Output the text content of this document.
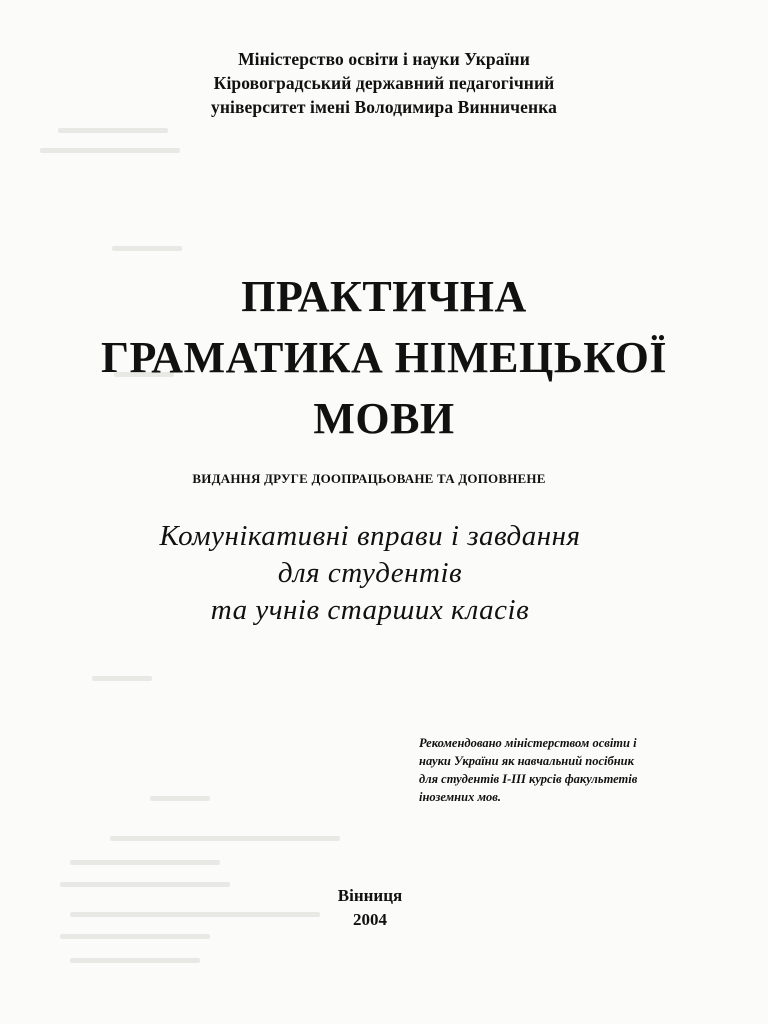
Міністерство освіти і науки України
Кіровоградський державний педагогічний
університет імені Володимира Винниченка
ПРАКТИЧНА
ГРАМАТИКА НІМЕЦЬКОЇ
МОВИ
ВИДАННЯ ДРУГЕ ДООПРАЦЬОВАНЕ ТА ДОПОВНЕНЕ
Комунікативні вправи і завдання
для студентів
та учнів старших класів
Рекомендовано міністерством освіти і
науки України як навчальний посібник
для студентів І-ІІІ курсів факультетів
іноземних мов.
Вінниця
2004
